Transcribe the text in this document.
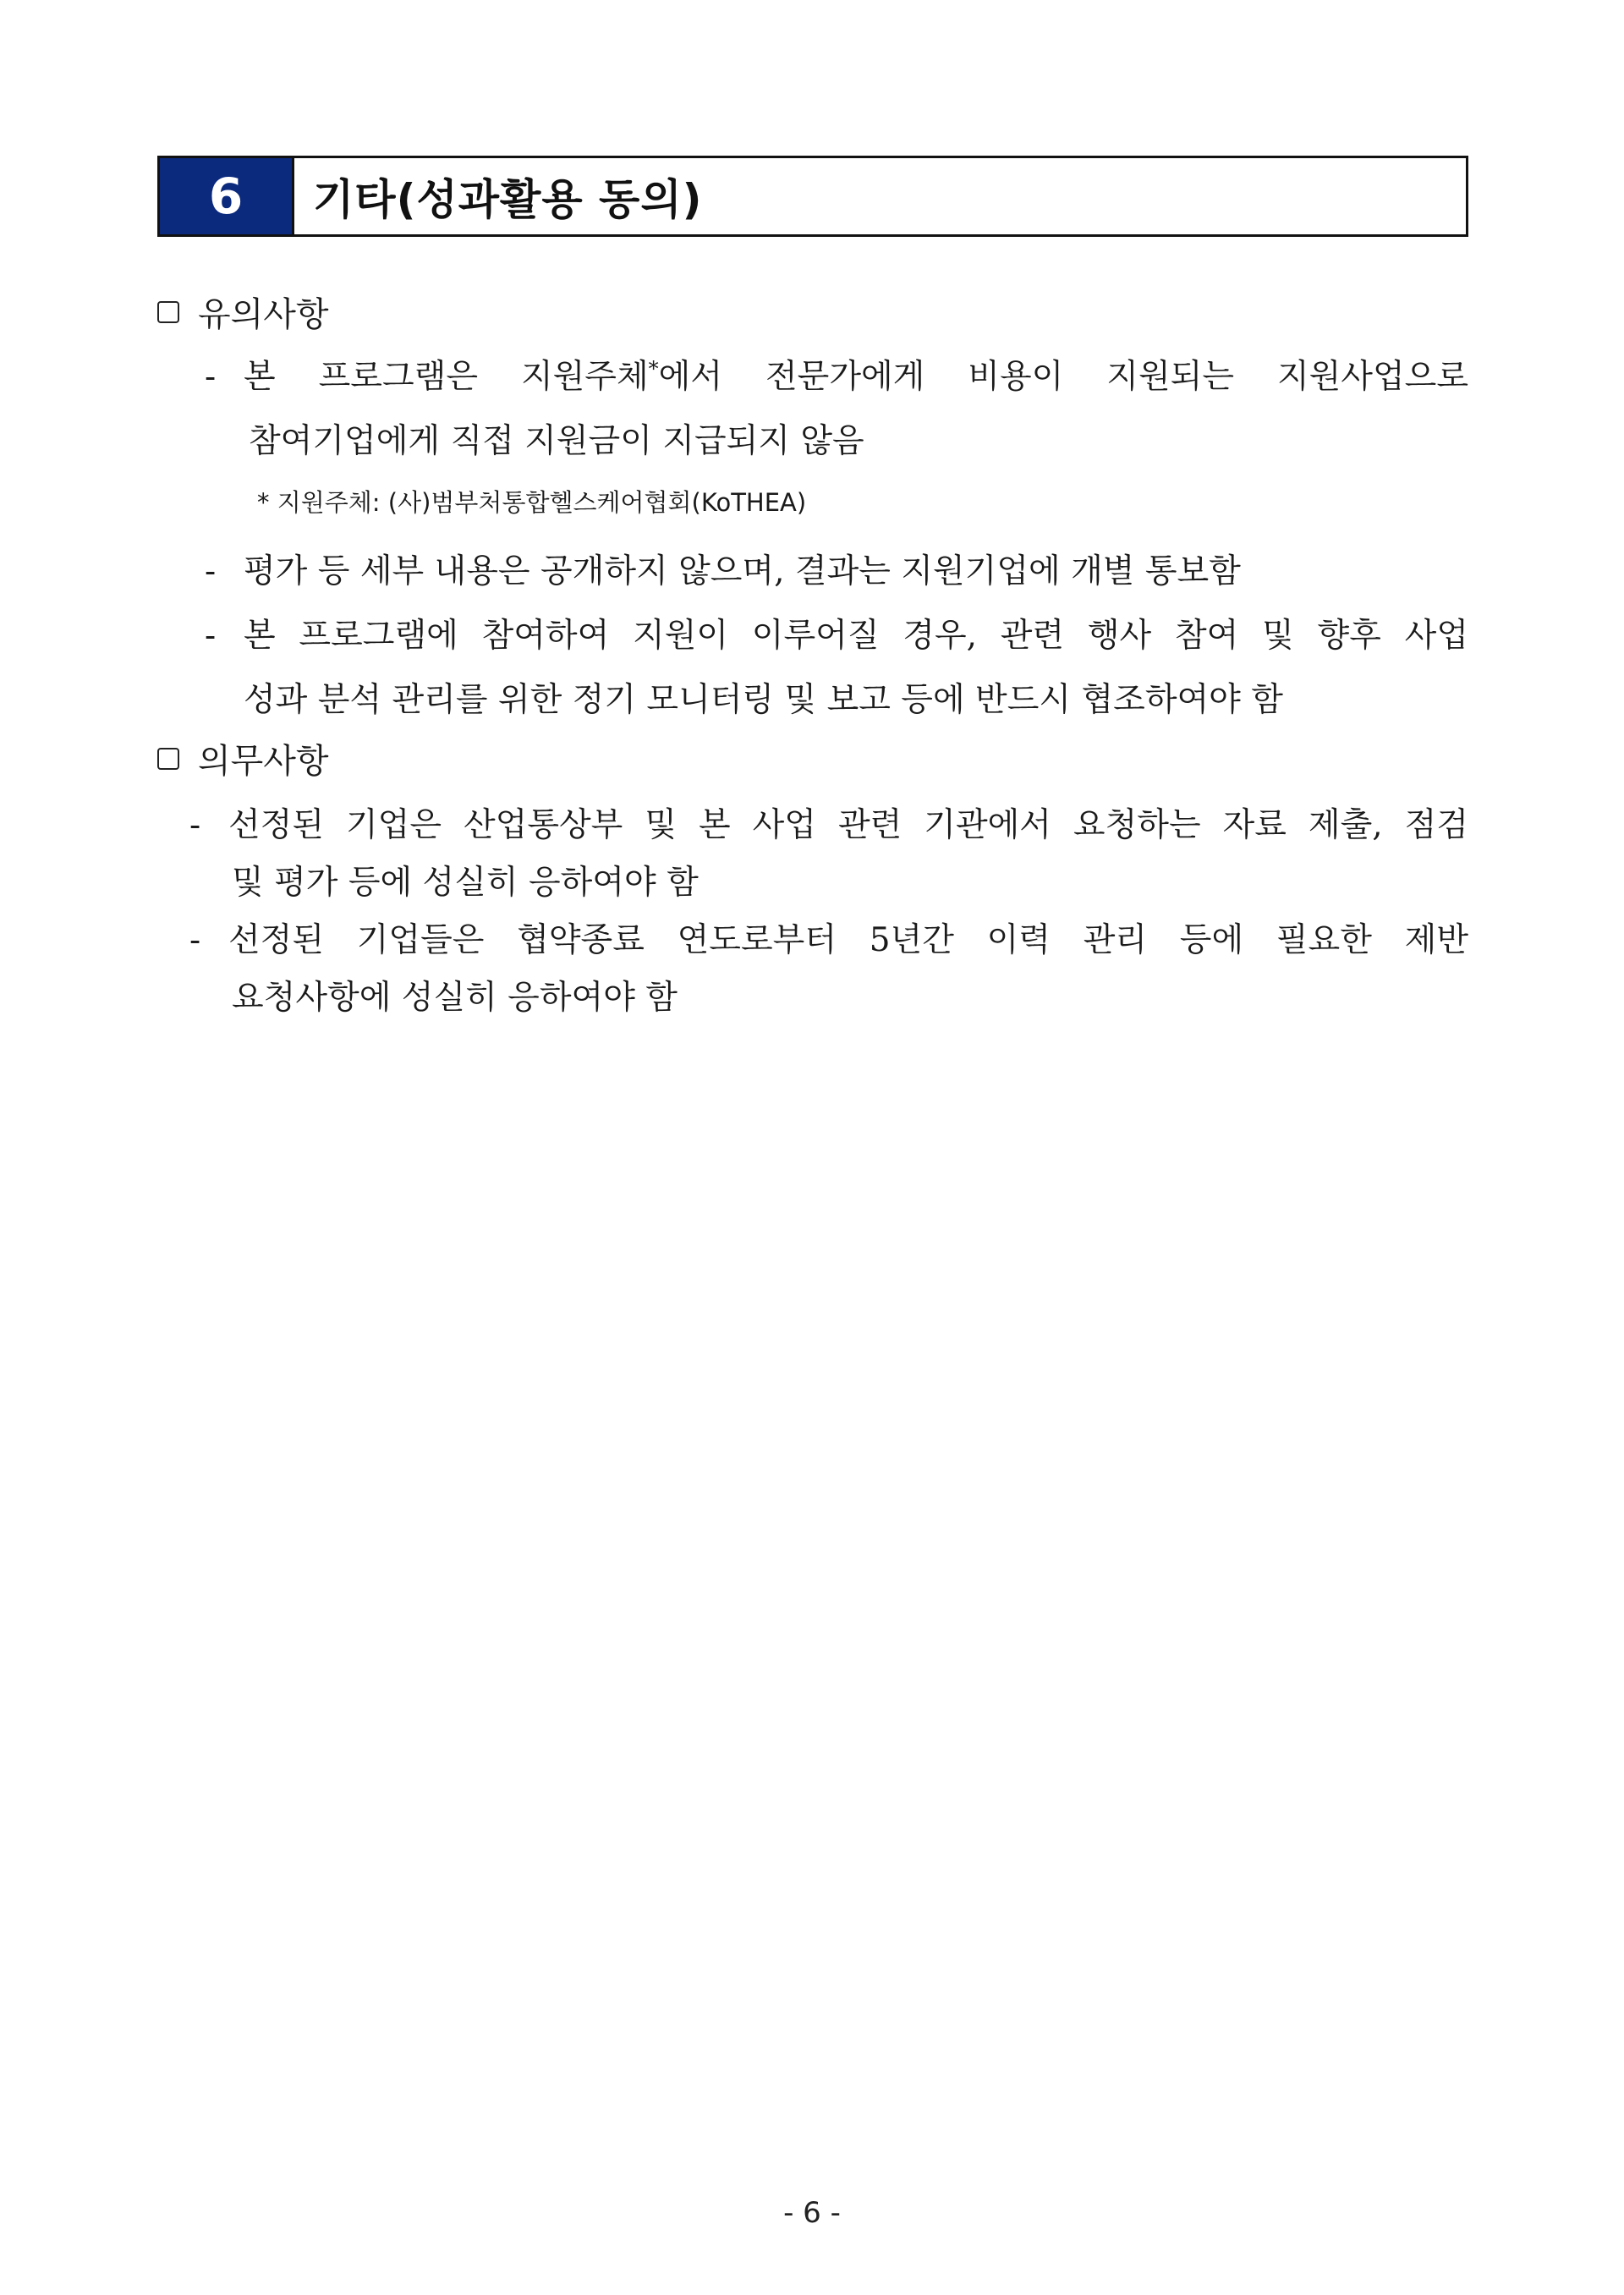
6	기타(성과활용 동의)
유의사항
- 본 프로그램은 지원주체*에서 전문가에게 비용이 지원되는 지원사업으로
참여기업에게 직접 지원금이 지급되지 않음
* 지원주체: (사)범부처통합헬스케어협회(KoTHEA)
- 평가 등 세부 내용은 공개하지 않으며, 결과는 지원기업에 개별 통보함
- 본 프로그램에 참여하여 지원이 이루어질 경우, 관련 행사 참여 및 향후 사업
성과 분석 관리를 위한 정기 모니터링 및 보고 등에 반드시 협조하여야 함
의무사항
- 선정된 기업은 산업통상부 및 본 사업 관련 기관에서 요청하는 자료 제출, 점검
및 평가 등에 성실히 응하여야 함
- 선정된 기업들은 협약종료 연도로부터 5년간 이력 관리 등에 필요한 제반
요청사항에 성실히 응하여야 함
- 6 -
